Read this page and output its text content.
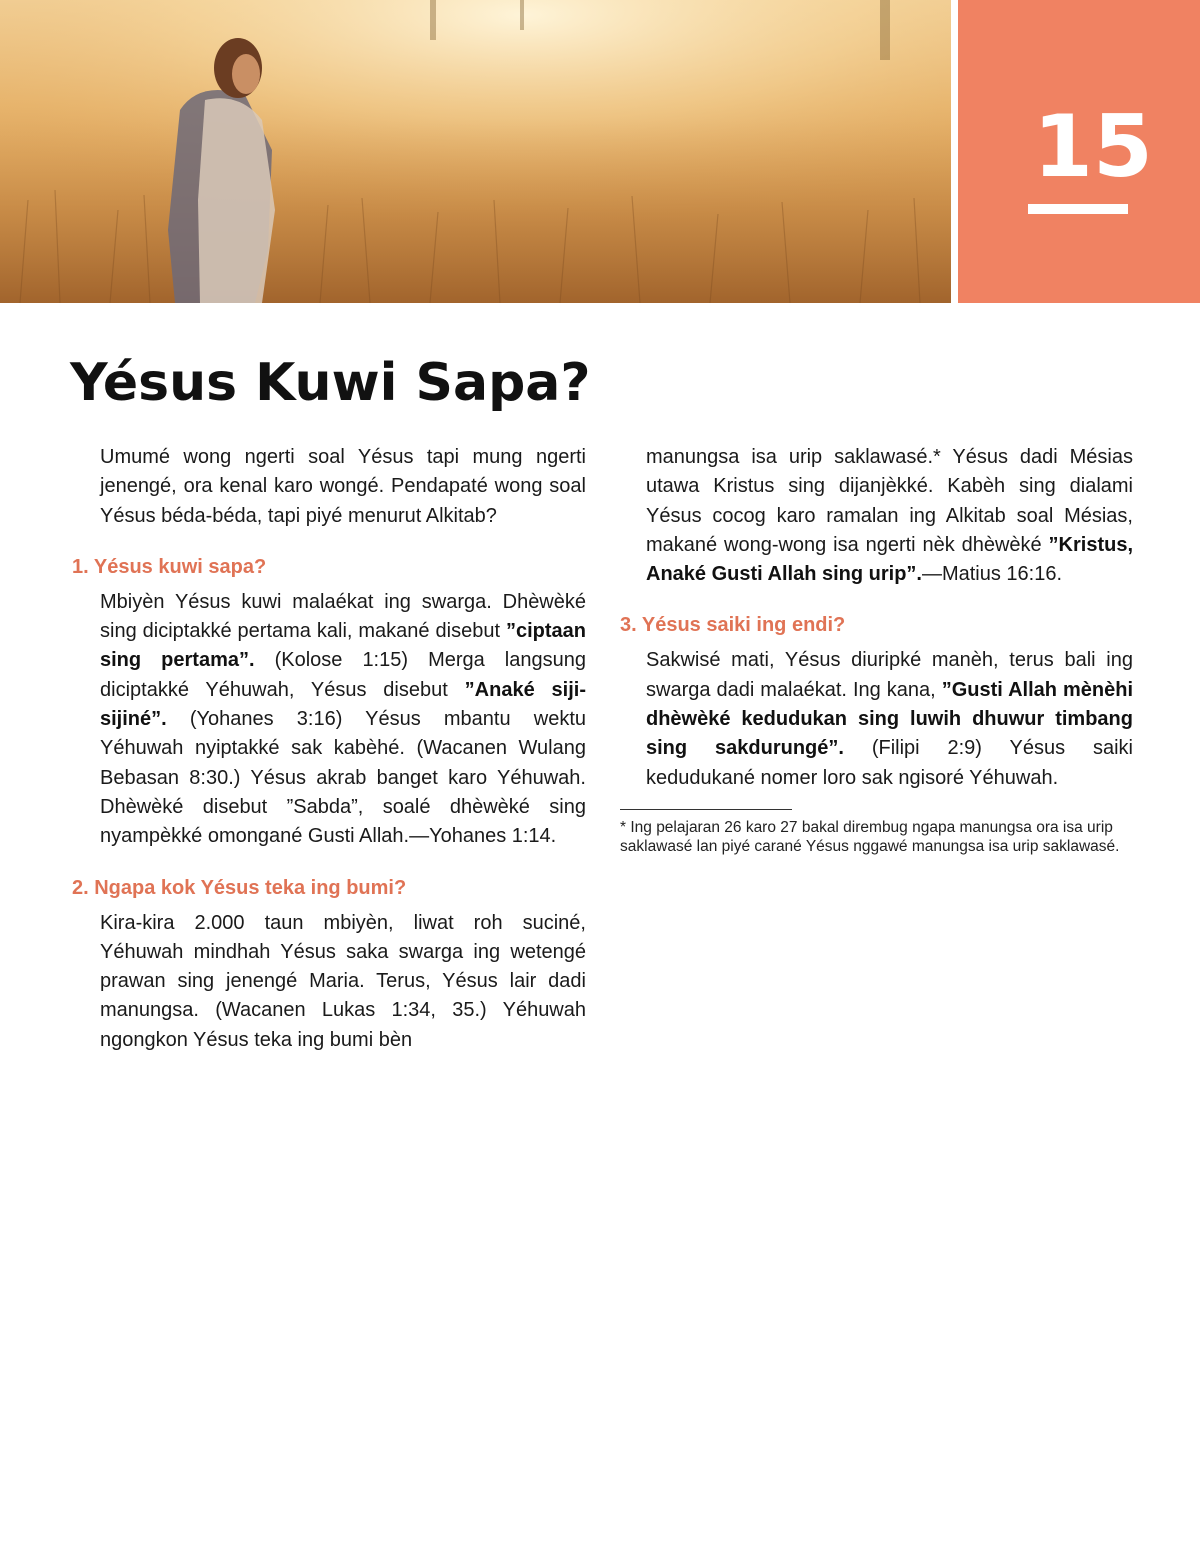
15
Yésus Kuwi Sapa?

Umumé wong ngerti soal Yésus tapi mung ngerti jenengé, ora kenal karo wongé. Pendapaté wong soal Yésus béda-béda, tapi piyé menurut Alkitab?

1. Yésus kuwi sapa?

Mbiyèn Yésus kuwi malaékat ing swarga. Dhèwèké sing diciptakké pertama kali, makané disebut ”ciptaan sing pertama”. (Kolose 1:15) Merga langsung diciptakké Yéhuwah, Yésus disebut ”Anaké siji-sijiné”. (Yohanes 3:16) Yésus mbantu wektu Yéhuwah nyiptakké sak kabèhé. (Wacanen Wulang Bebasan 8:30.) Yésus akrab banget karo Yéhuwah. Dhèwèké disebut ”Sabda”, soalé dhèwèké sing nyampèkké omongané Gusti Allah.—Yohanes 1:14.

2. Ngapa kok Yésus teka ing bumi?

Kira-kira 2.000 taun mbiyèn, liwat roh suciné, Yéhuwah mindhah Yésus saka swarga ing wetengé prawan sing jenengé Maria. Terus, Yésus lair dadi manungsa. (Wacanen Lukas 1:34, 35.) Yéhuwah ngongkon Yésus teka ing bumi bèn

manungsa isa urip saklawasé.* Yésus dadi Mésias utawa Kristus sing dijanjèkké. Kabèh sing dialami Yésus cocog karo ramalan ing Alkitab soal Mésias, makané wong-wong isa ngerti nèk dhèwèké ”Kristus, Anaké Gusti Allah sing urip”.—Matius 16:16.

3. Yésus saiki ing endi?

Sakwisé mati, Yésus diuripké manèh, terus bali ing swarga dadi malaékat. Ing kana, ”Gusti Allah mènèhi dhèwèké kedudukan sing luwih dhuwur timbang sing sakdurungé”. (Filipi 2:9) Yésus saiki kedudukané nomer loro sak ngisoré Yéhuwah.

* Ing pelajaran 26 karo 27 bakal dirembug ngapa manungsa ora isa urip saklawasé lan piyé carané Yésus nggawé manungsa isa urip saklawasé.
